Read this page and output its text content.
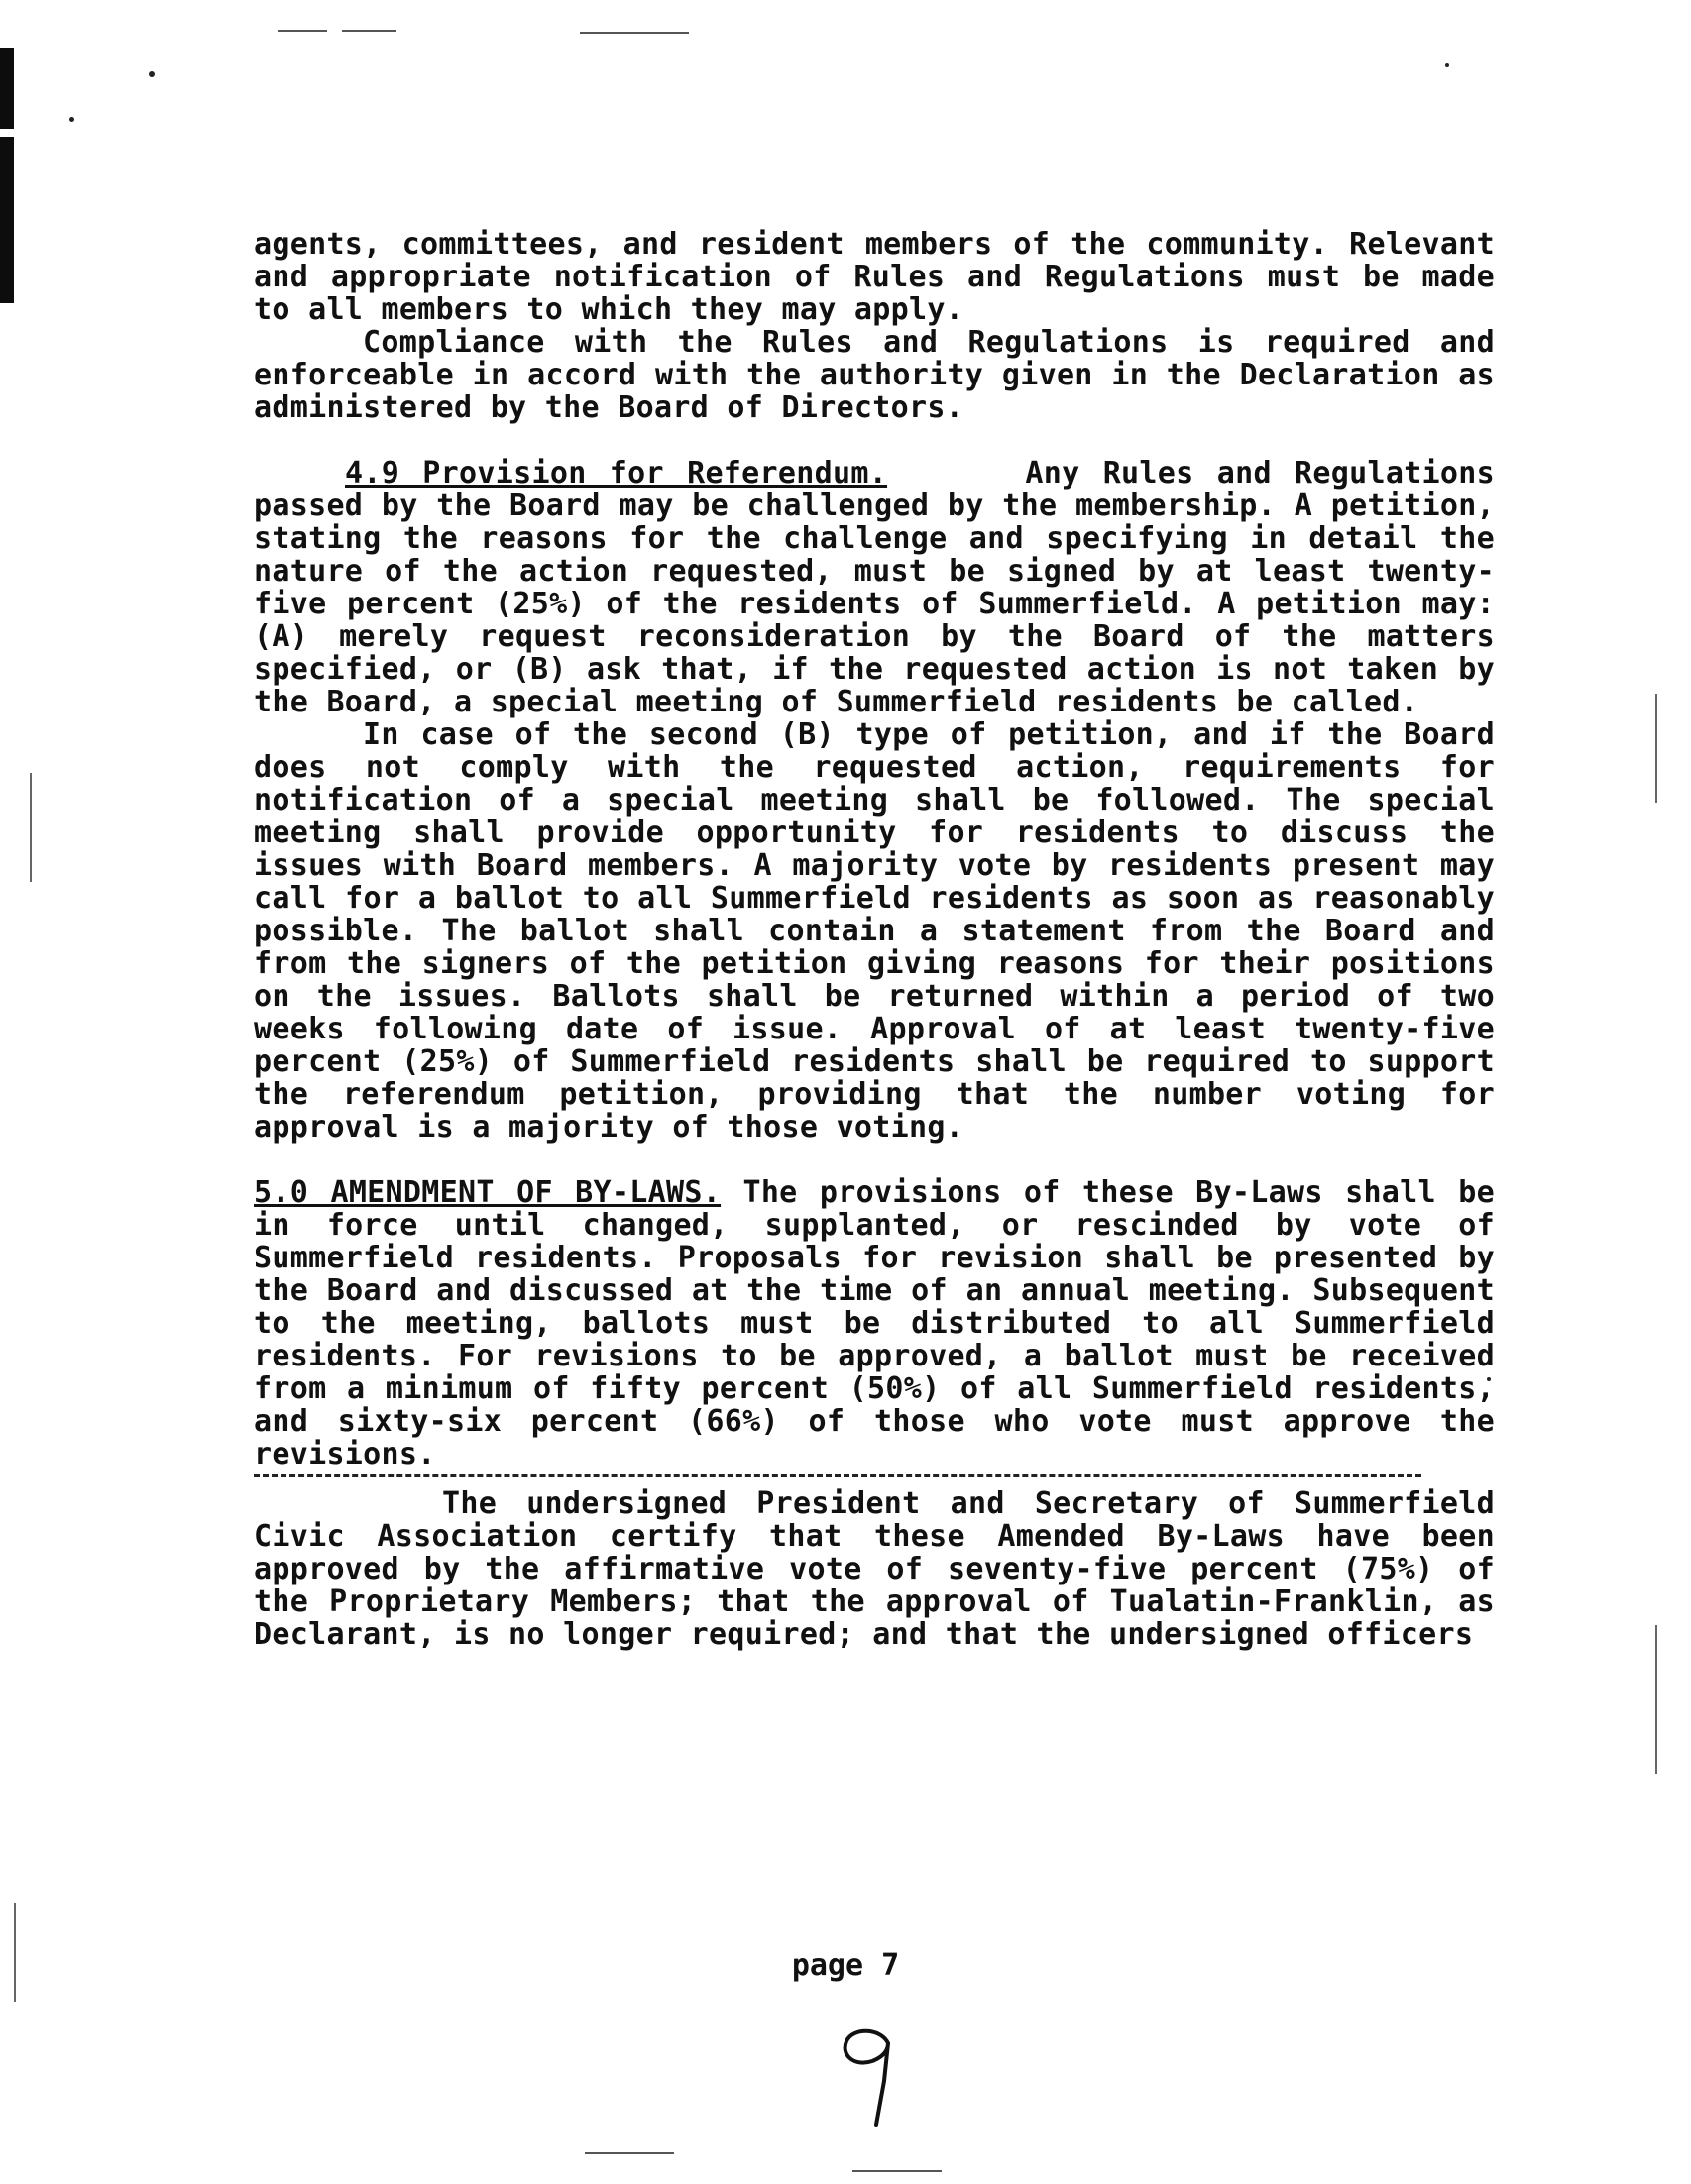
agents, committees, and resident members of the community. Relevant and appropriate notification of Rules and Regulations must be made to all members to which they may apply.

Compliance with the Rules and Regulations is required and enforceable in accord with the authority given in the Declaration as administered by the Board of Directors.

4.9 Provision for Referendum.	Any Rules and Regulations passed by the Board may be challenged by the membership. A petition, stating the reasons for the challenge and specifying in detail the nature of the action requested, must be signed by at least twenty-five percent (25%) of the residents of Summerfield. A petition may: (A) merely request reconsideration by the Board of the matters specified, or (B) ask that, if the requested action is not taken by the Board, a special meeting of Summerfield residents be called.

In case of the second (B) type of petition, and if the Board does not comply with the requested action, requirements for notification of a special meeting shall be followed. The special meeting shall provide opportunity for residents to discuss the issues with Board members. A majority vote by residents present may call for a ballot to all Summerfield residents as soon as reasonably possible. The ballot shall contain a statement from the Board and from the signers of the petition giving reasons for their positions on the issues. Ballots shall be returned within a period of two weeks following date of issue. Approval of at least twenty-five percent (25%) of Summerfield residents shall be required to support the referendum petition, providing that the number voting for approval is a majority of those voting.

5.0 AMENDMENT OF BY-LAWS. The provisions of these By-Laws shall be in force until changed, supplanted, or rescinded by vote of Summerfield residents. Proposals for revision shall be presented by the Board and discussed at the time of an annual meeting. Subsequent to the meeting, ballots must be distributed to all Summerfield residents. For revisions to be approved, a ballot must be received from a minimum of fifty percent (50%) of all Summerfield residents, and sixty-six percent (66%) of those who vote must approve the revisions.

The undersigned President and Secretary of Summerfield Civic Association certify that these Amended By-Laws have been approved by the affirmative vote of seventy-five percent (75%) of the Proprietary Members; that the approval of Tualatin-Franklin, as Declarant, is no longer required; and that the undersigned officers

page 7
